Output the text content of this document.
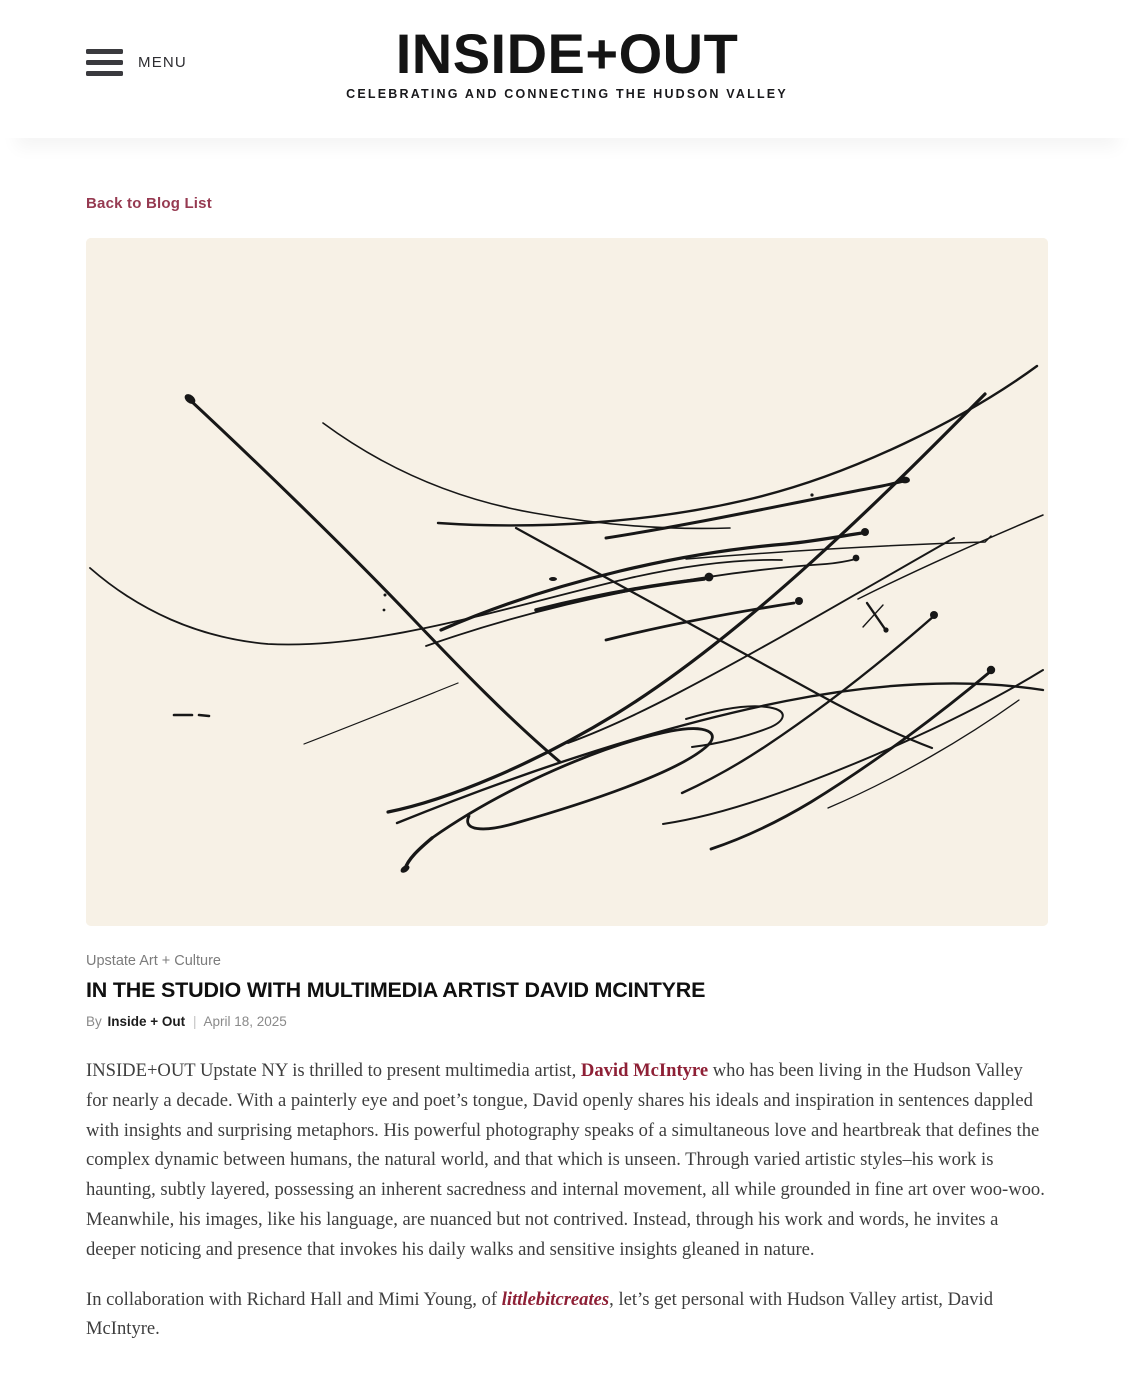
MENU	INSIDE+OUT
CELEBRATING AND CONNECTING THE HUDSON VALLEY
Back to Blog List
Upstate Art + Culture
IN THE STUDIO WITH MULTIMEDIA ARTIST DAVID MCINTYRE
By Inside + Out | April 18, 2025

INSIDE+OUT Upstate NY is thrilled to present multimedia artist, David McIntyre who has been living in the Hudson Valley for nearly a decade. With a painterly eye and poet’s tongue, David openly shares his ideals and inspiration in sentences dappled with insights and surprising metaphors. His powerful photography speaks of a simultaneous love and heartbreak that defines the complex dynamic between humans, the natural world, and that which is unseen. Through varied artistic styles–his work is haunting, subtly layered, possessing an inherent sacredness and internal movement, all while grounded in fine art over woo-woo. Meanwhile, his images, like his language, are nuanced but not contrived. Instead, through his work and words, he invites a deeper noticing and presence that invokes his daily walks and sensitive insights gleaned in nature.

In collaboration with Richard Hall and Mimi Young, of littlebitcreates, let’s get personal with Hudson Valley artist, David McIntyre.
